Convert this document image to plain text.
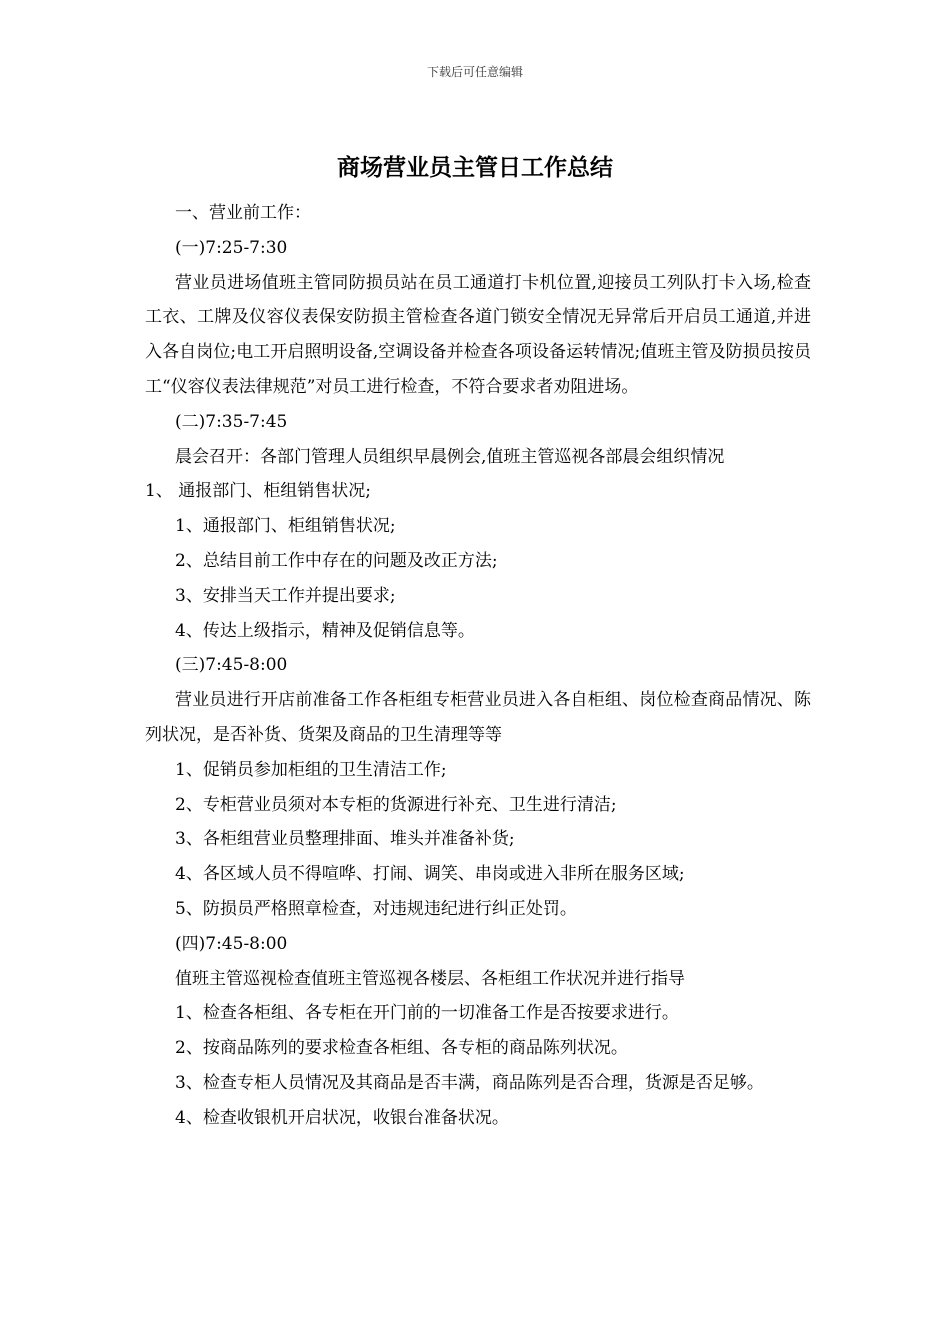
下载后可任意编辑
商场营业员主管日工作总结

一、营业前工作：

(一)7:25-7:30

营业员进场值班主管同防损员站在员工通道打卡机位置,迎接员工列队打卡入场,检查工衣、工牌及仪容仪表保安防损主管检查各道门锁安全情况无异常后开启员工通道,并进入各自岗位;电工开启照明设备,空调设备并检查各项设备运转情况;值班主管及防损员按员工“仪容仪表法律规范”对员工进行检查，不符合要求者劝阻进场。

(二)7:35-7:45

晨会召开：各部门管理人员组织早晨例会,值班主管巡视各部晨会组织情况

1、 通报部门、柜组销售状况;

1、通报部门、柜组销售状况;

2、总结目前工作中存在的问题及改正方法;

3、安排当天工作并提出要求;

4、传达上级指示，精神及促销信息等。

(三)7:45-8:00

营业员进行开店前准备工作各柜组专柜营业员进入各自柜组、岗位检查商品情况、陈列状况，是否补货、货架及商品的卫生清理等等

1、促销员参加柜组的卫生清洁工作;

2、专柜营业员须对本专柜的货源进行补充、卫生进行清洁;

3、各柜组营业员整理排面、堆头并准备补货;

4、各区域人员不得喧哗、打闹、调笑、串岗或进入非所在服务区域;

5、防损员严格照章检查，对违规违纪进行纠正处罚。

(四)7:45-8:00

值班主管巡视检查值班主管巡视各楼层、各柜组工作状况并进行指导

1、检查各柜组、各专柜在开门前的一切准备工作是否按要求进行。

2、按商品陈列的要求检查各柜组、各专柜的商品陈列状况。

3、检查专柜人员情况及其商品是否丰满，商品陈列是否合理，货源是否足够。

4、检查收银机开启状况，收银台准备状况。
